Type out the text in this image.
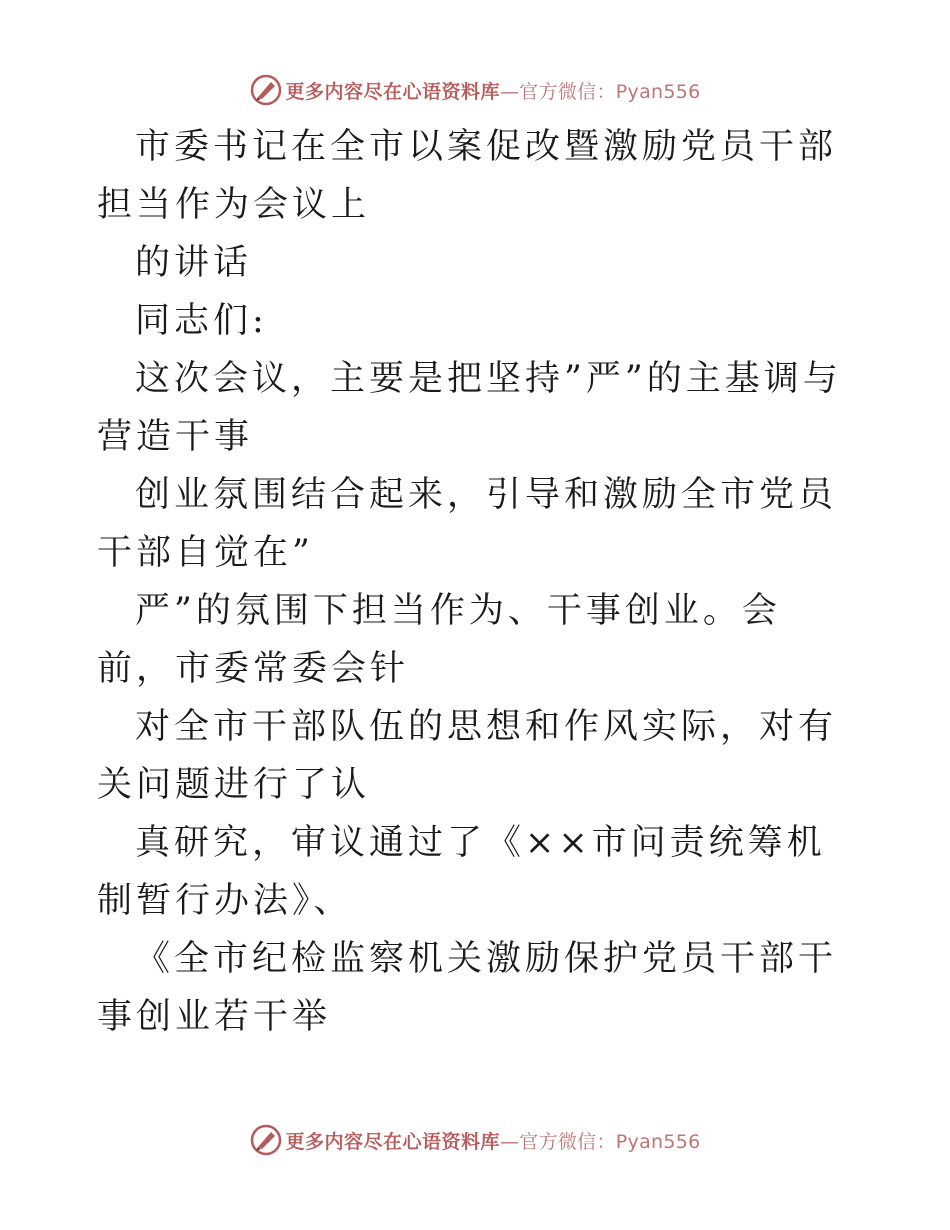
更多内容尽在心语资料库 —官方微信：Pyan556

市委书记在全市以案促改暨激励党员干部担当作为会议上

的讲话

同志们:

这次会议，主要是把坚持”严”的主基调与营造干事

创业氛围结合起来，引导和激励全市党员干部自觉在”

严”的氛围下担当作为、干事创业。会前，市委常委会针

对全市干部队伍的思想和作风实际，对有关问题进行了认

真研究，审议通过了《××市问责统筹机制暂行办法》、

《全市纪检监察机关激励保护党员干部干事创业若干举

更多内容尽在心语资料库 —官方微信：Pyan556
